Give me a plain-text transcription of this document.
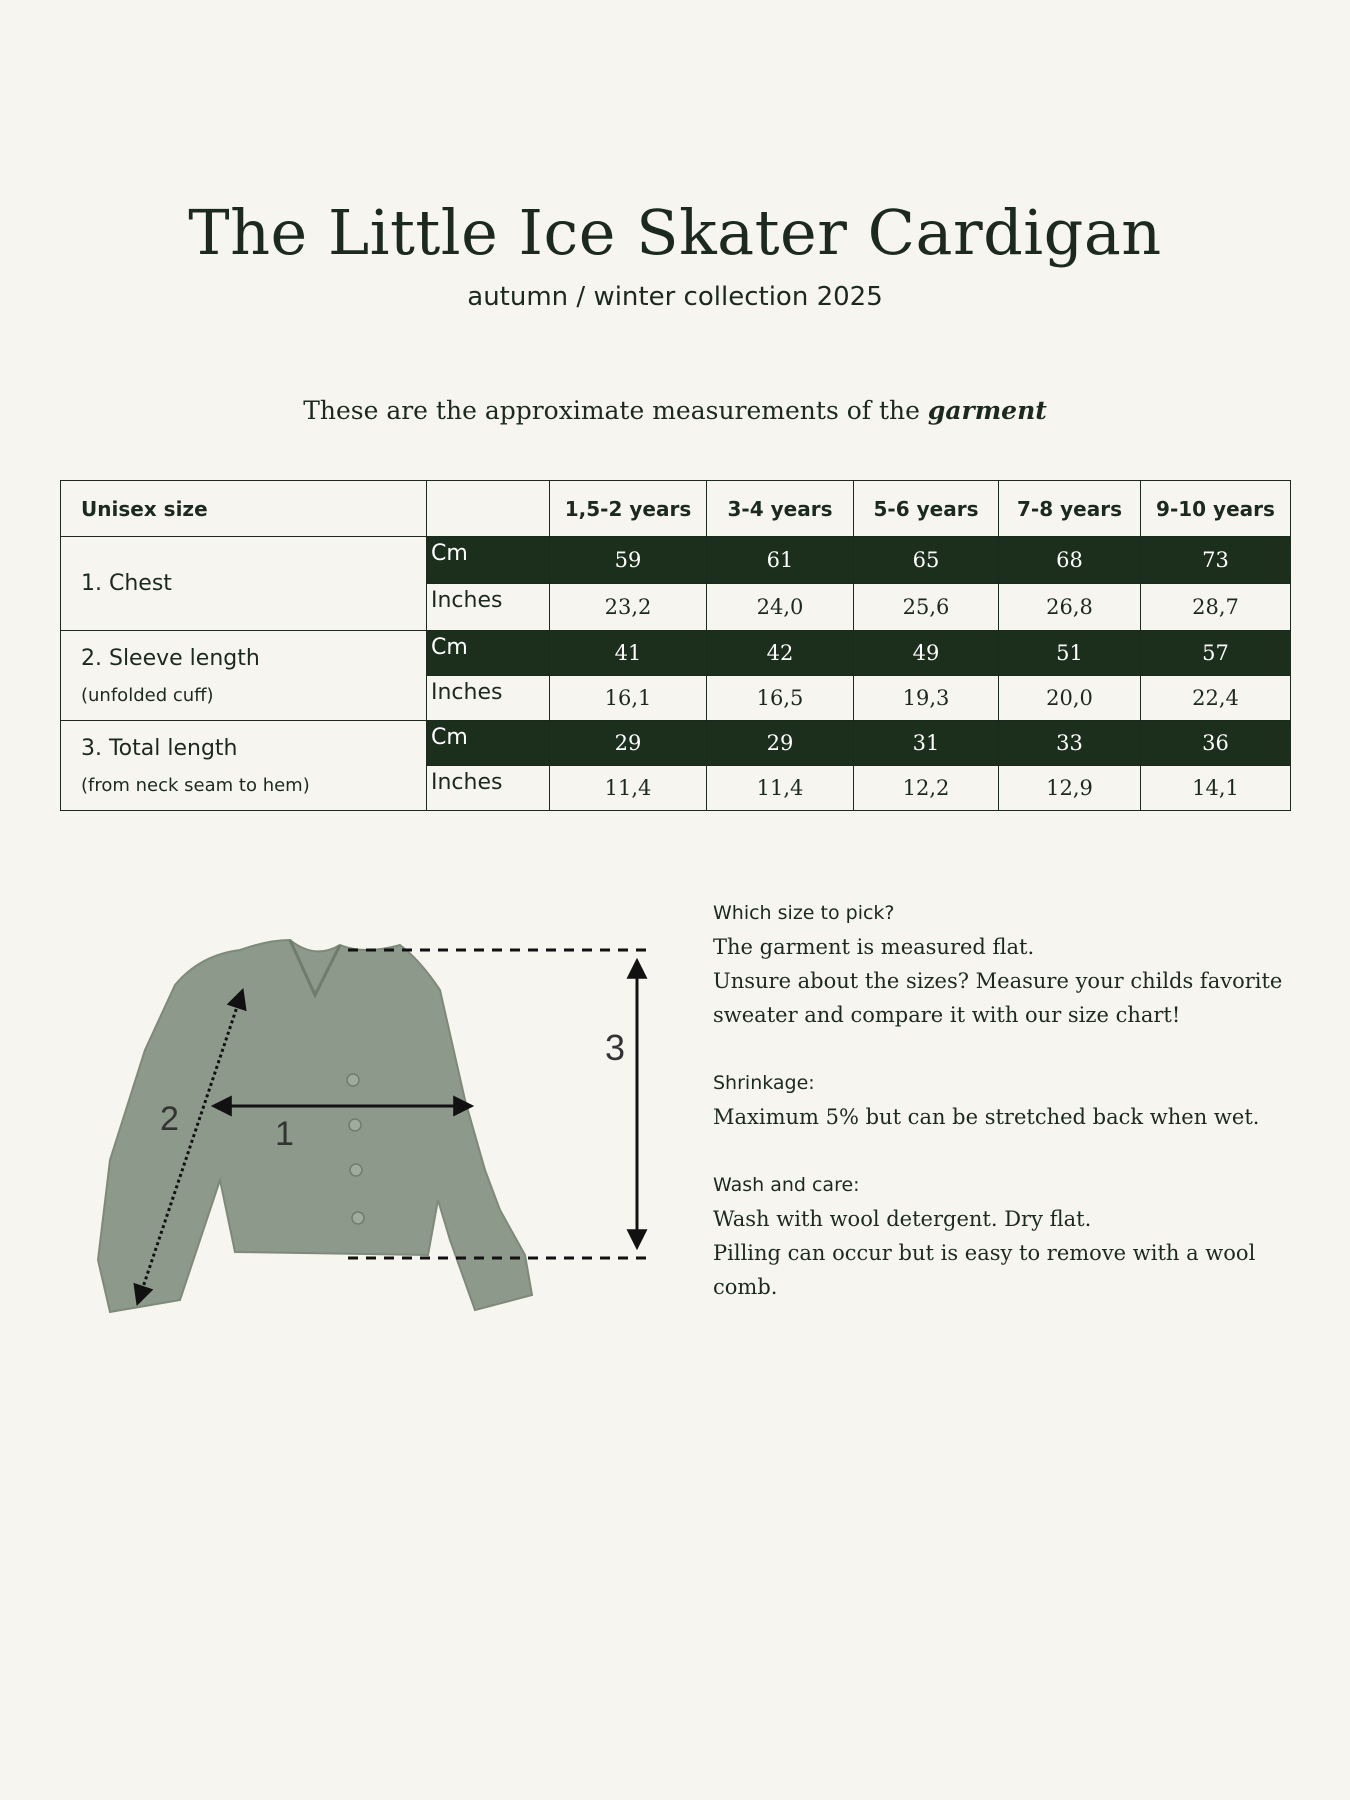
The Little Ice Skater Cardigan
autumn / winter collection 2025
These are the approximate measurements of the garment
Unisex size		1,5-2 years	3-4 years	5-6 years	7-8 years	9-10 years

1. Chest	Cm	59	61	65	68	73
	Inches	23,2	24,0	25,6	26,8	28,7

2. Sleeve length
(unfolded cuff)	Cm	41	42	49	51	57
	Inches	16,1	16,5	19,3	20,0	22,4

3. Total length
(from neck seam to hem)	Cm	29	29	31	33	36
	Inches	11,4	11,4	12,2	12,9	14,1
1
2
3
Which size to pick?
The garment is measured flat.
Unsure about the sizes? Measure your childs favorite
sweater and compare it with our size chart!
Shrinkage:
Maximum 5% but can be stretched back when wet.
Wash and care:
Wash with wool detergent. Dry flat.
Pilling can occur but is easy to remove with a wool comb.
